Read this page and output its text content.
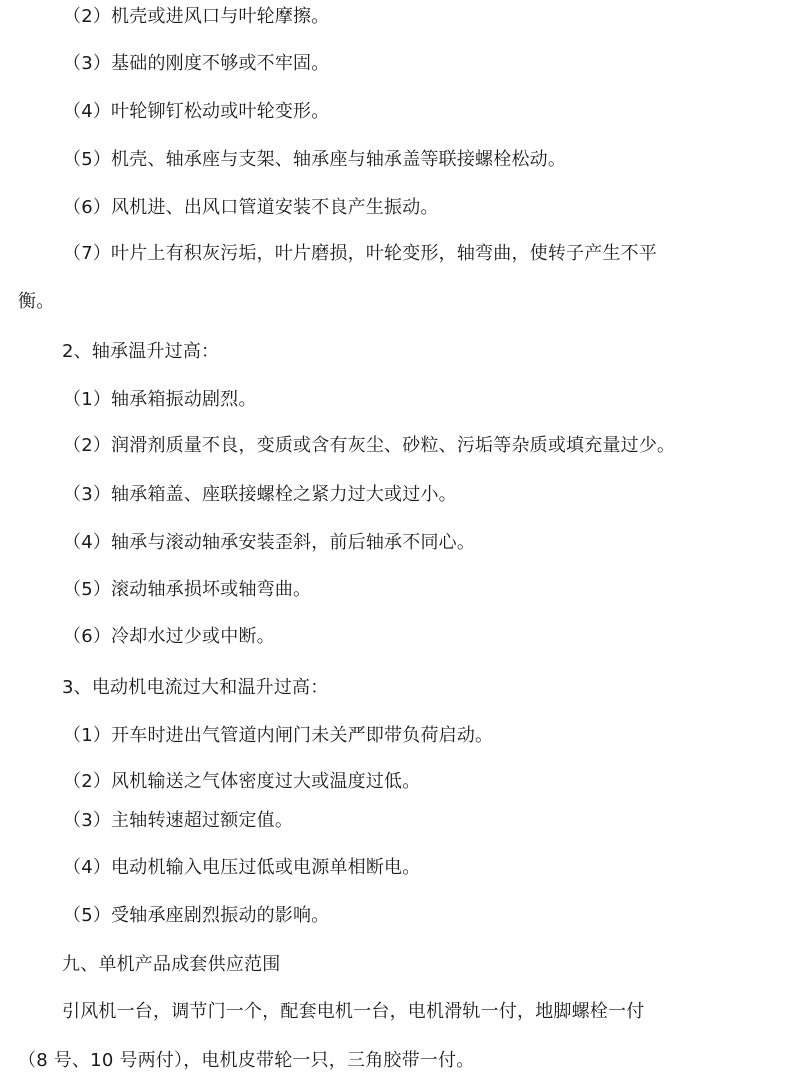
（2）机壳或进风口与叶轮摩擦。
（3）基础的刚度不够或不牢固。
（4）叶轮铆钉松动或叶轮变形。
（5）机壳、轴承座与支架、轴承座与轴承盖等联接螺栓松动。
（6）风机进、出风口管道安装不良产生振动。
（7）叶片上有积灰污垢，叶片磨损，叶轮变形，轴弯曲，使转子产生不平
衡。
2、轴承温升过高：
（1）轴承箱振动剧烈。
（2）润滑剂质量不良，变质或含有灰尘、砂粒、污垢等杂质或填充量过少。
（3）轴承箱盖、座联接螺栓之紧力过大或过小。
（4）轴承与滚动轴承安装歪斜，前后轴承不同心。
（5）滚动轴承损坏或轴弯曲。
（6）冷却水过少或中断。
3、电动机电流过大和温升过高：
（1）开车时进出气管道内闸门未关严即带负荷启动。
（2）风机输送之气体密度过大或温度过低。
（3）主轴转速超过额定值。
（4）电动机输入电压过低或电源单相断电。
（5）受轴承座剧烈振动的影响。
九、单机产品成套供应范围
引风机一台，调节门一个，配套电机一台，电机滑轨一付，地脚螺栓一付
（8 号、10 号两付），电机皮带轮一只，三角胶带一付。
